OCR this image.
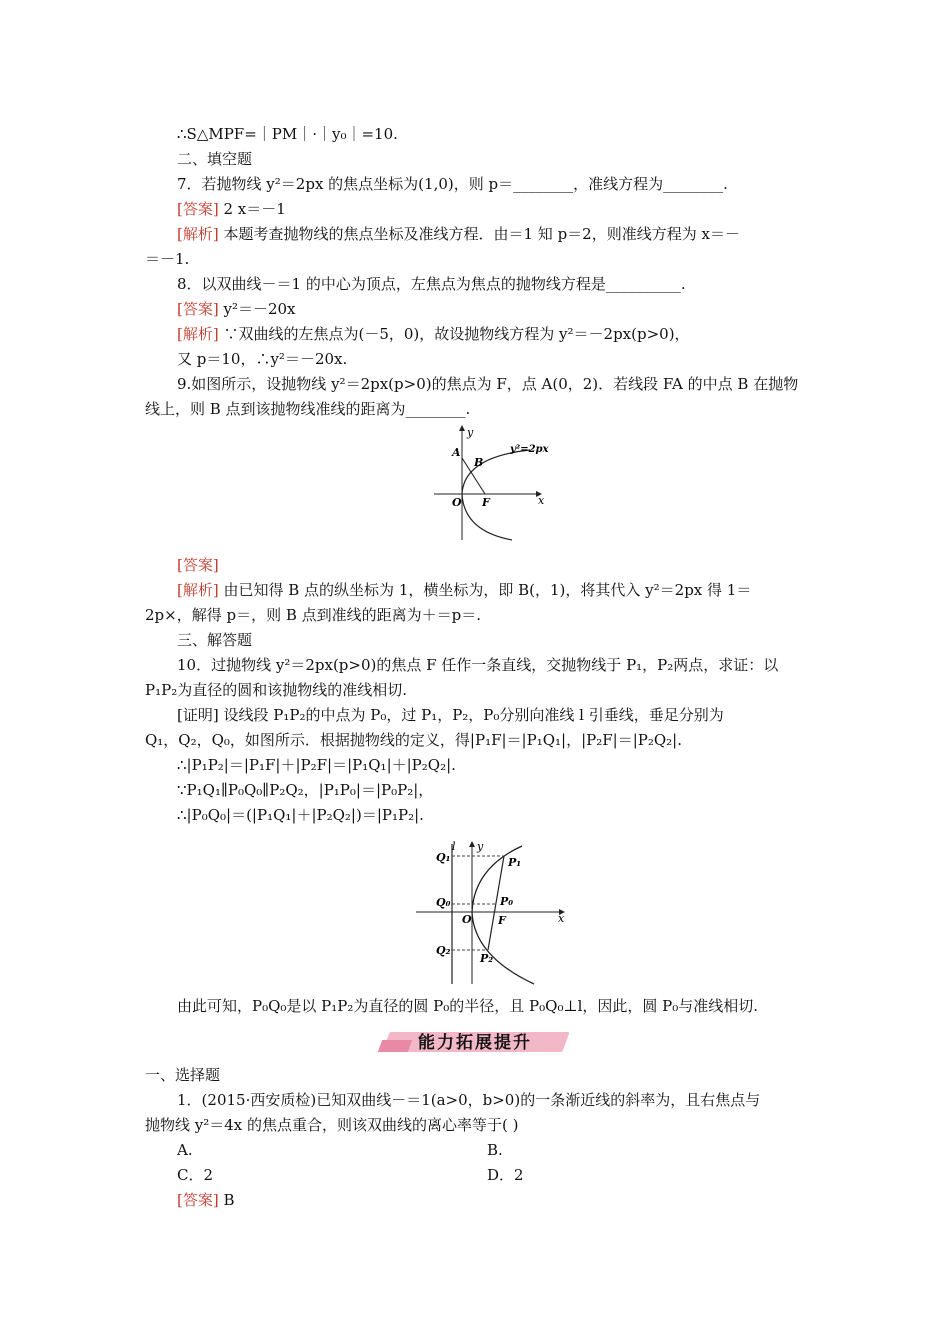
∴S△MPF=｜PM｜·｜y₀｜=10.
二、填空题
7．若抛物线 y²＝2px 的焦点坐标为(1,0)，则 p＝________，准线方程为________.
[答案] 2 x＝－1
[解析] 本题考查抛物线的焦点坐标及准线方程．由＝1 知 p＝2，则准线方程为 x＝－
＝－1.
8．以双曲线－＝1 的中心为顶点，左焦点为焦点的抛物线方程是__________.
[答案] y²＝－20x
[解析] ∵双曲线的左焦点为(－5，0)，故设抛物线方程为 y²＝－2px(p>0)，
又 p＝10，∴y²＝－20x.
9.如图所示，设抛物线 y²＝2px(p>0)的焦点为 F，点 A(0，2)．若线段 FA 的中点 B 在抛物
线上，则 B 点到该抛物线准线的距离为________.
y
x
O
A
B
F
y²=2px
[答案]
[解析] 由已知得 B 点的纵坐标为 1，横坐标为，即 B(，1)，将其代入 y²＝2px 得 1＝
2p×，解得 p＝，则 B 点到准线的距离为＋＝p＝.
三、解答题
10．过抛物线 y²＝2px(p>0)的焦点 F 任作一条直线，交抛物线于 P₁，P₂两点，求证：以
P₁P₂为直径的圆和该抛物线的准线相切.
[证明] 设线段 P₁P₂的中点为 P₀，过 P₁，P₂，P₀分别向准线 l 引垂线，垂足分别为
Q₁，Q₂，Q₀，如图所示．根据抛物线的定义，得|P₁F|＝|P₁Q₁|，|P₂F|＝|P₂Q₂|.
∴|P₁P₂|＝|P₁F|＋|P₂F|＝|P₁Q₁|＋|P₂Q₂|.
∵P₁Q₁∥P₀Q₀∥P₂Q₂，|P₁P₀|＝|P₀P₂|，
∴|P₀Q₀|＝(|P₁Q₁|＋|P₂Q₂|)＝|P₁P₂|.
l y
x
O
Q₁
Q₀
Q₂
P₁
P₀
P₂
F
由此可知，P₀Q₀是以 P₁P₂为直径的圆 P₀的半径，且 P₀Q₀⊥l，因此，圆 P₀与准线相切.
能力拓展提升
一、选择题
1．(2015·西安质检)已知双曲线－＝1(a>0，b>0)的一条渐近线的斜率为，且右焦点与
抛物线 y²＝4x 的焦点重合，则该双曲线的离心率等于( )
A.	B.
C．2	D．2
[答案] B
